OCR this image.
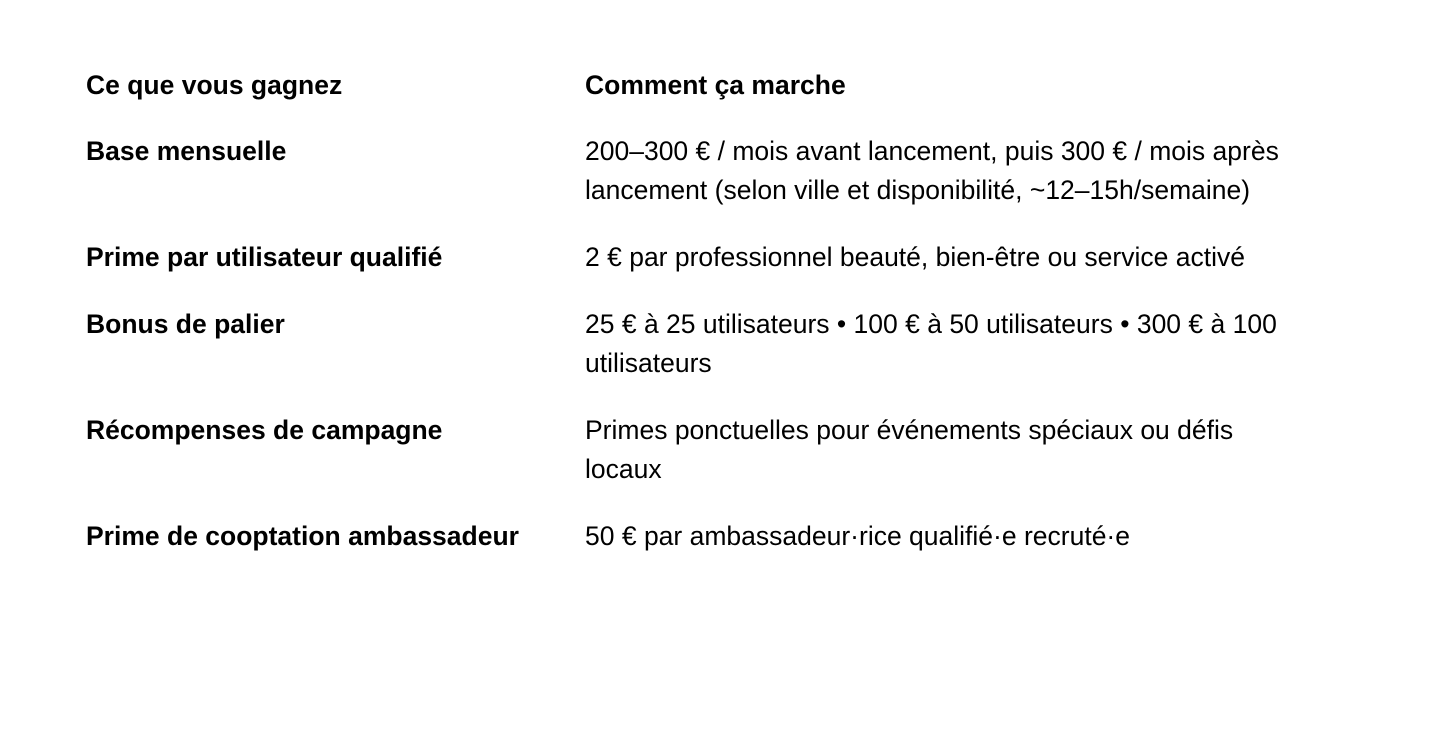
Ce que vous gagnez	Comment ça marche
Base mensuelle	200–300 € / mois avant lancement, puis 300 € / mois après lancement (selon ville et disponibilité, ~12–15h/semaine)
Prime par utilisateur qualifié	2 € par professionnel beauté, bien-être ou service activé
Bonus de palier	25 € à 25 utilisateurs • 100 € à 50 utilisateurs • 300 € à 100 utilisateurs
Récompenses de campagne	Primes ponctuelles pour événements spéciaux ou défis locaux
Prime de cooptation ambassadeur	50 € par ambassadeur·rice qualifié·e recruté·e
